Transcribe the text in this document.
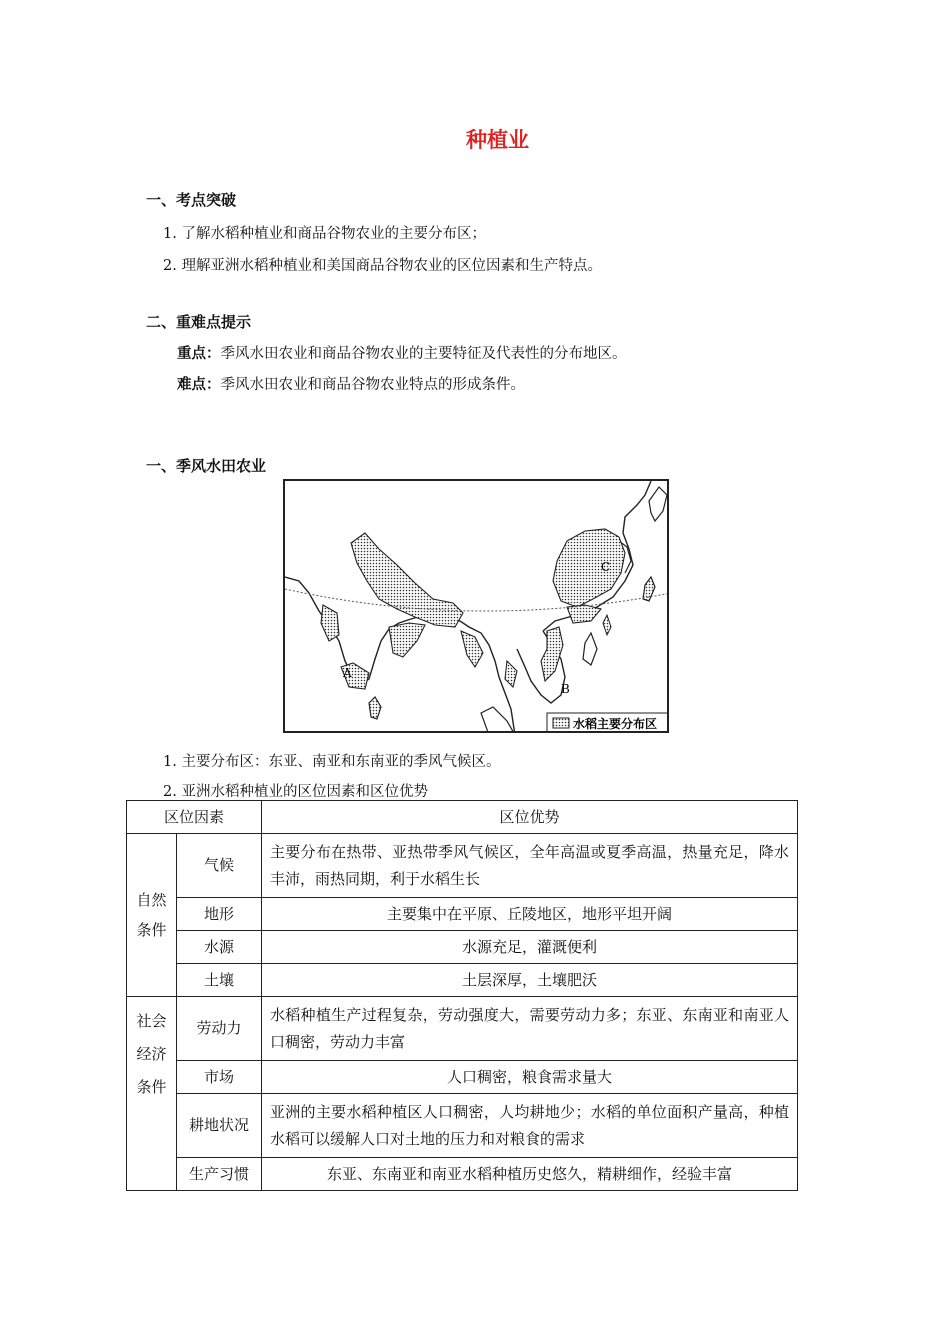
种植业
一、考点突破
1. 了解水稻种植业和商品谷物农业的主要分布区；
2. 理解亚洲水稻种植业和美国商品谷物农业的区位因素和生产特点。
二、重难点提示
重点：季风水田农业和商品谷物农业的主要特征及代表性的分布地区。
难点：季风水田农业和商品谷物农业特点的形成条件。
一、季风水田农业
A
B
C
水稻主要分布区
1. 主要分布区：东亚、南亚和东南亚的季风气候区。
2. 亚洲水稻种植业的区位因素和区位优势
区位因素		区位优势
自然条件	气候	主要分布在热带、亚热带季风气候区，全年高温或夏季高温，热量充足，降水丰沛，雨热同期，利于水稻生长
	地形	主要集中在平原、丘陵地区，地形平坦开阔
	水源	水源充足，灌溉便利
	土壤	土层深厚，土壤肥沃
社会经济条件	劳动力	水稻种植生产过程复杂，劳动强度大，需要劳动力多；东亚、东南亚和南亚人口稠密，劳动力丰富
	市场	人口稠密，粮食需求量大
	耕地状况	亚洲的主要水稻种植区人口稠密，人均耕地少；水稻的单位面积产量高，种植水稻可以缓解人口对土地的压力和对粮食的需求
	生产习惯	东亚、东南亚和南亚水稻种植历史悠久，精耕细作，经验丰富
